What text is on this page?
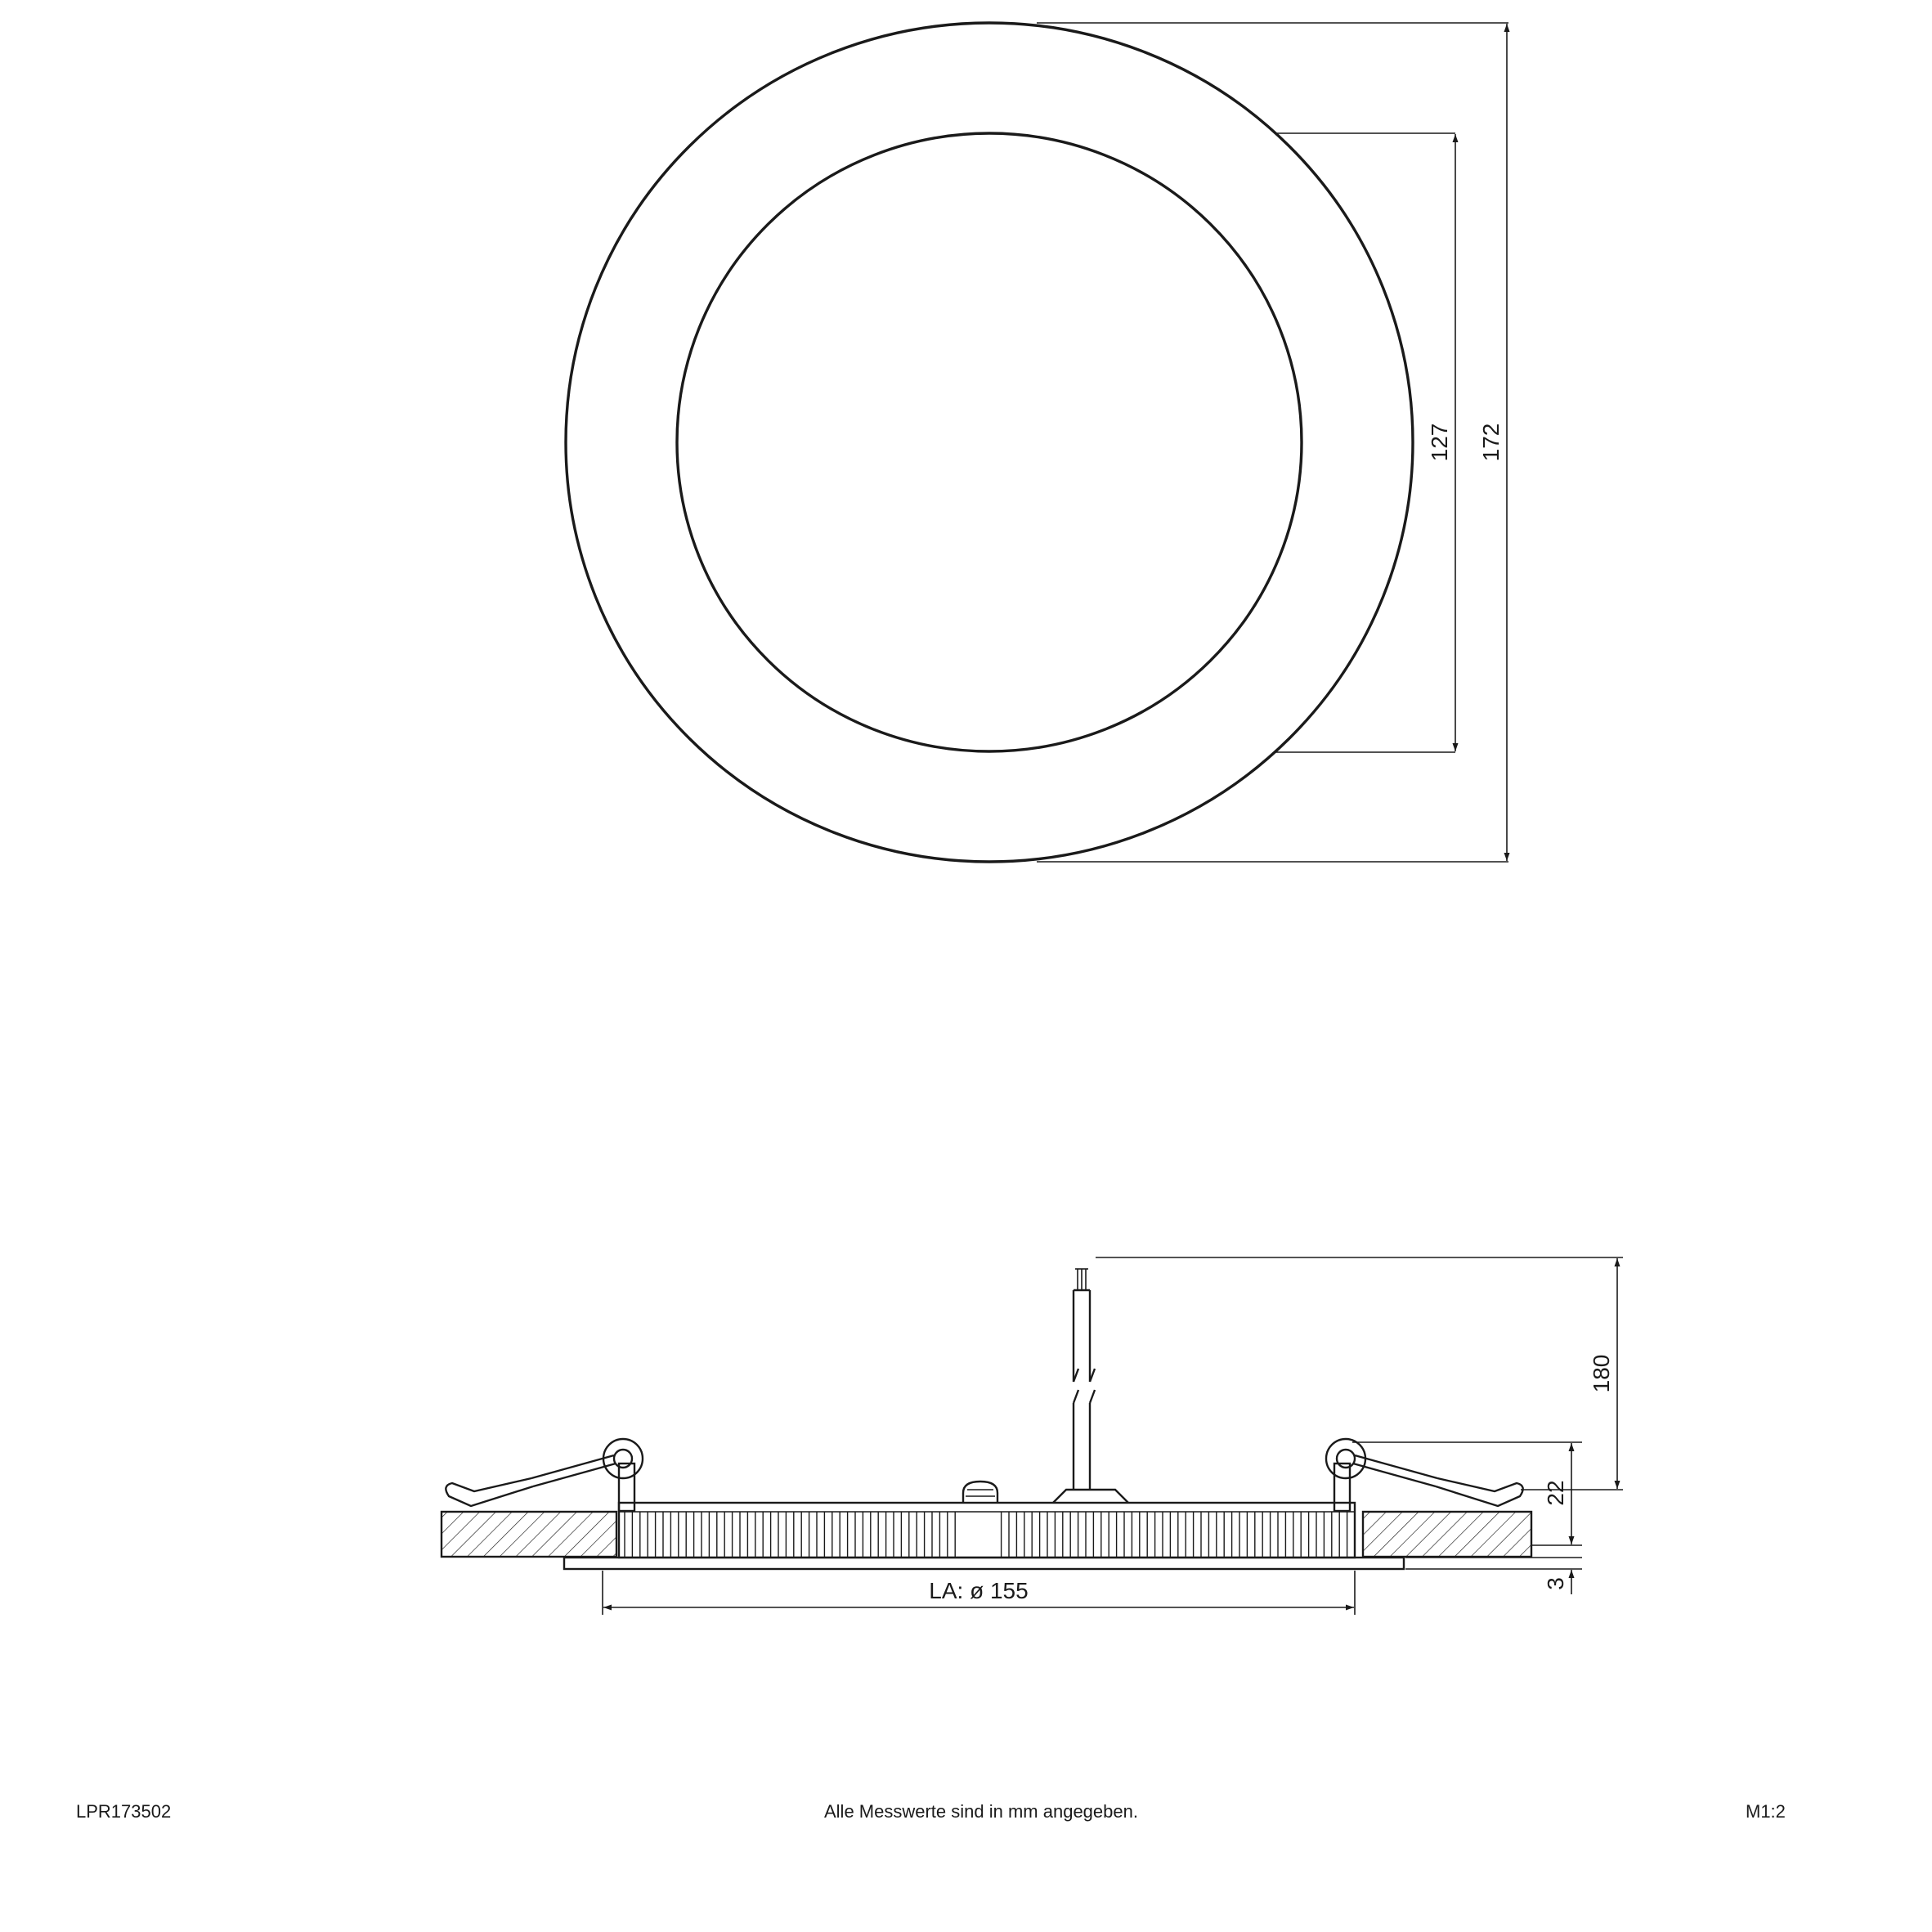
127 172
180
22
3
LA: ø 155
LPR173502	Alle Messwerte sind in mm angegeben.	M1:2
